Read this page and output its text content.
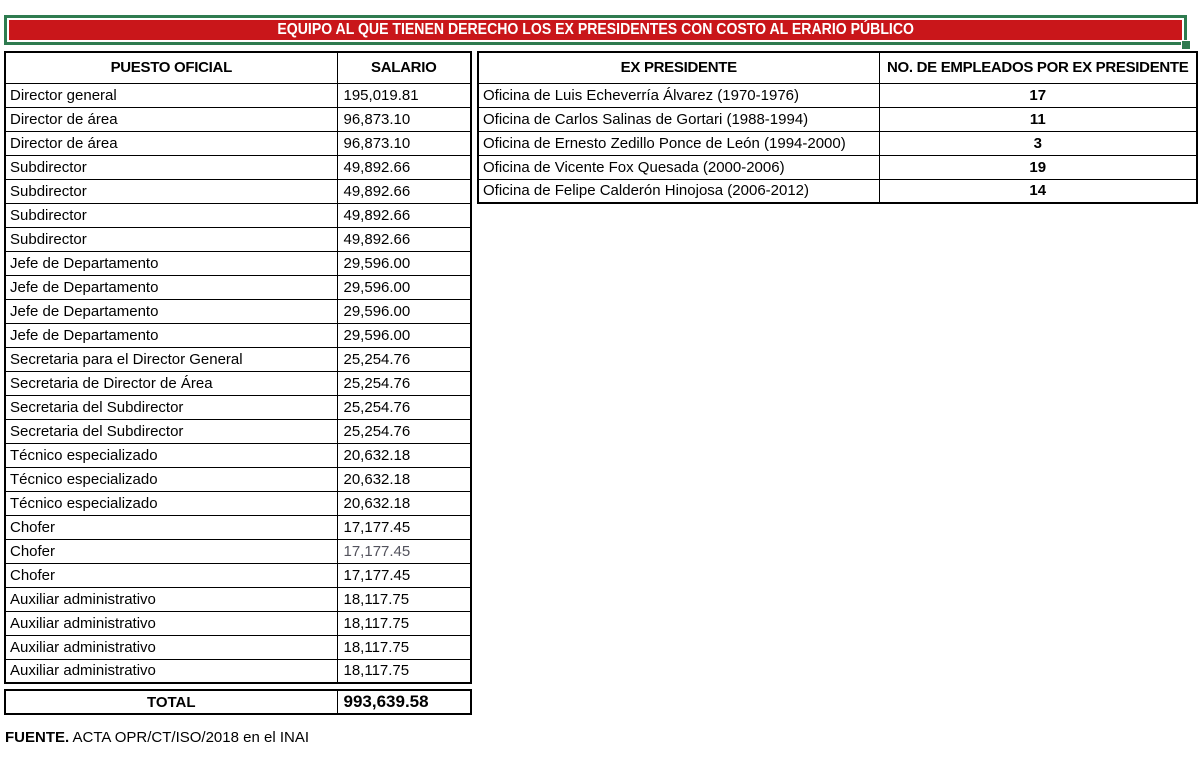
EQUIPO AL QUE TIENEN DERECHO LOS EX PRESIDENTES CON COSTO AL ERARIO PÚBLICO
PUESTO OFICIAL	SALARIO
Director general	195,019.81
Director de área	96,873.10
Director de área	96,873.10
Subdirector	49,892.66
Subdirector	49,892.66
Subdirector	49,892.66
Subdirector	49,892.66
Jefe de Departamento	29,596.00
Jefe de Departamento	29,596.00
Jefe de Departamento	29,596.00
Jefe de Departamento	29,596.00
Secretaria para el Director General	25,254.76
Secretaria de Director de Área	25,254.76
Secretaria del Subdirector	25,254.76
Secretaria del Subdirector	25,254.76
Técnico especializado	20,632.18
Técnico especializado	20,632.18
Técnico especializado	20,632.18
Chofer	17,177.45
Chofer	17,177.45
Chofer	17,177.45
Auxiliar administrativo	18,117.75
Auxiliar administrativo	18,117.75
Auxiliar administrativo	18,117.75
Auxiliar administrativo	18,117.75
EX PRESIDENTE	NO. DE EMPLEADOS POR EX PRESIDENTE
Oficina de Luis Echeverría Álvarez (1970-1976)	17
Oficina de Carlos Salinas de Gortari (1988-1994)	11
Oficina de Ernesto Zedillo Ponce de León (1994-2000)	3
Oficina de Vicente Fox Quesada (2000-2006)	19
Oficina de Felipe Calderón Hinojosa (2006-2012)	14
TOTAL	993,639.58
FUENTE. ACTA OPR/CT/ISO/2018 en el INAI
